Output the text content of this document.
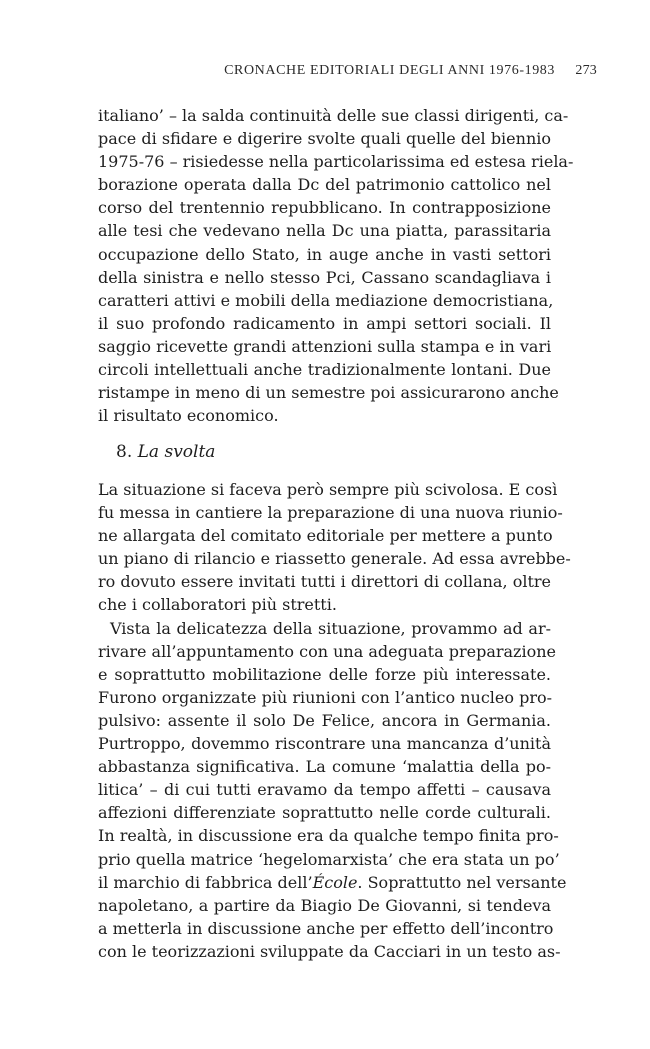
CRONACHE EDITORIALI DEGLI ANNI 1976-1983 273
italiano’ – la salda continuità delle sue classi dirigenti, ca-
pace di sfidare e digerire svolte quali quelle del biennio
1975-76 – risiedesse nella particolarissima ed estesa riela-
borazione operata dalla Dc del patrimonio cattolico nel
corso del trentennio repubblicano. In contrapposizione
alle tesi che vedevano nella Dc una piatta, parassitaria
occupazione dello Stato, in auge anche in vasti settori
della sinistra e nello stesso Pci, Cassano scandagliava i
caratteri attivi e mobili della mediazione democristiana,
il suo profondo radicamento in ampi settori sociali. Il
saggio ricevette grandi attenzioni sulla stampa e in vari
circoli intellettuali anche tradizionalmente lontani. Due
ristampe in meno di un semestre poi assicurarono anche
il risultato economico.
8. La svolta
La situazione si faceva però sempre più scivolosa. E così
fu messa in cantiere la preparazione di una nuova riunio-
ne allargata del comitato editoriale per mettere a punto
un piano di rilancio e riassetto generale. Ad essa avrebbe-
ro dovuto essere invitati tutti i direttori di collana, oltre
che i collaboratori più stretti.
Vista la delicatezza della situazione, provammo ad ar-
rivare all’appuntamento con una adeguata preparazione
e soprattutto mobilitazione delle forze più interessate.
Furono organizzate più riunioni con l’antico nucleo pro-
pulsivo: assente il solo De Felice, ancora in Germania.
Purtroppo, dovemmo riscontrare una mancanza d’unità
abbastanza significativa. La comune ‘malattia della po-
litica’ – di cui tutti eravamo da tempo affetti – causava
affezioni differenziate soprattutto nelle corde culturali.
In realtà, in discussione era da qualche tempo finita pro-
prio quella matrice ‘hegelomarxista’ che era stata un po’
il marchio di fabbrica dell’École. Soprattutto nel versante
napoletano, a partire da Biagio De Giovanni, si tendeva
a metterla in discussione anche per effetto dell’incontro
con le teorizzazioni sviluppate da Cacciari in un testo as-
